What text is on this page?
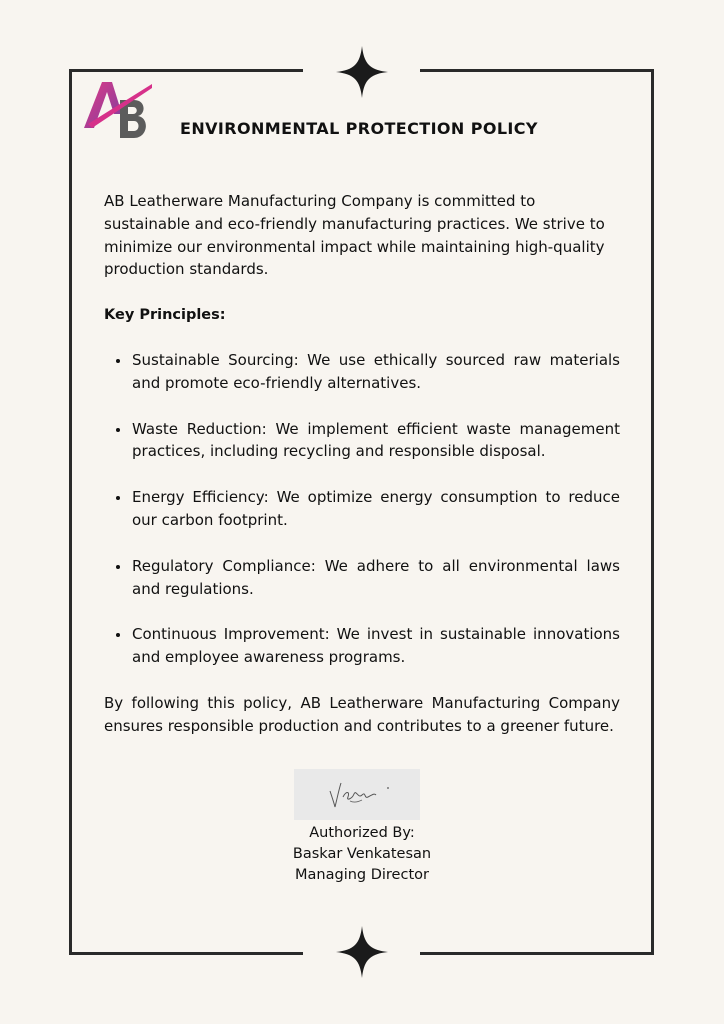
ENVIRONMENTAL PROTECTION POLICY

AB Leatherware Manufacturing Company is committed to sustainable and eco-friendly manufacturing practices. We strive to minimize our environmental impact while maintaining high-quality production standards.

Key Principles:

Sustainable Sourcing: We use ethically sourced raw materials and promote eco-friendly alternatives.
Waste Reduction: We implement efficient waste management practices, including recycling and responsible disposal.
Energy Efficiency: We optimize energy consumption to reduce our carbon footprint.
Regulatory Compliance: We adhere to all environmental laws and regulations.
Continuous Improvement: We invest in sustainable innovations and employee awareness programs.

By following this policy, AB Leatherware Manufacturing Company ensures responsible production and contributes to a greener future.

Authorized By:
Baskar Venkatesan
Managing Director
